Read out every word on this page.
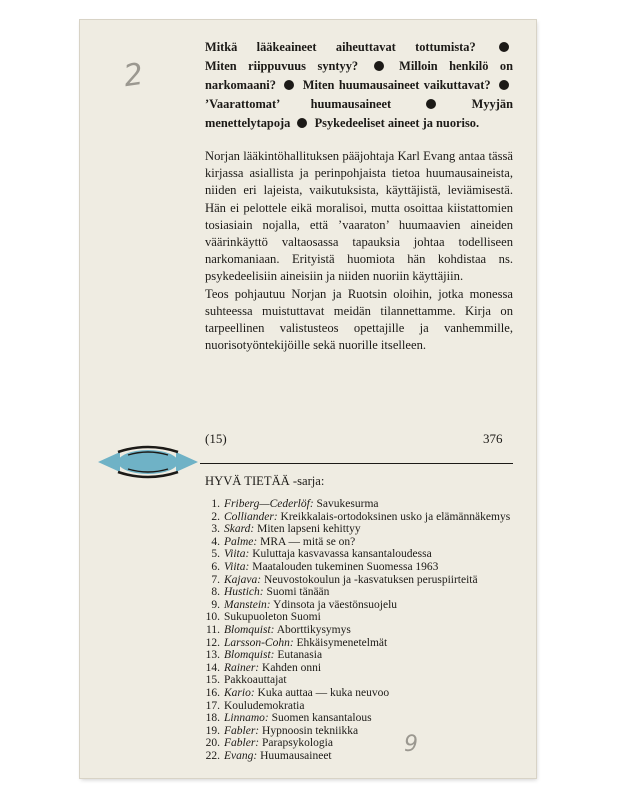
2
9
Mitkä lääkeaineet aiheuttavat tottumista?  Miten riippuvuus syntyy?	Milloin henkilö on narkomaani? Miten huumausaineet vaikuttavat?  ’Vaarattomat’ huumausaineet	Myyjän menettelytapoja Psykedeeliset aineet ja nuoriso.

Norjan lääkintöhallituksen pääjohtaja Karl Evang antaa tässä kirjassa asiallista ja perinpohjaista tietoa huumausaineista, niiden eri lajeista, vaikutuksista, käyttäjistä, leviämisestä. Hän ei pelottele eikä moralisoi, mutta osoittaa kiistattomien tosiasiain nojalla, että ’vaaraton’ huumaavien aineiden väärinkäyttö valtaosassa tapauksia johtaa todelliseen narkomaniaan. Erityistä huomiota hän kohdistaa ns. psykedeelisiin aineisiin ja niiden nuoriin käyttäjiin.

Teos pohjautuu Norjan ja Ruotsin oloihin, jotka monessa suhteessa muistuttavat meidän tilannettamme. Kirja on tarpeellinen valistusteos opettajille ja vanhemmille, nuorisotyöntekijöille sekä nuorille itselleen.

(15)	376
HYVÄ TIETÄÄ -sarja:
1. Friberg—Cederlöf: Savukesurma
2. Colliander: Kreikkalais-ortodoksinen usko ja elämännäkemys
3. Skard: Miten lapseni kehittyy
4. Palme: MRA — mitä se on?
5. Viita: Kuluttaja kasvavassa kansantaloudessa
6. Viita: Maatalouden tukeminen Suomessa 1963
7. Kajava: Neuvostokoulun ja -kasvatuksen peruspiirteitä
8. Hustich: Suomi tänään
9. Manstein: Ydinsota ja väestönsuojelu
10. Sukupuoleton Suomi
11. Blomquist: Aborttikysymys
12. Larsson-Cohn: Ehkäisymenetelmät
13. Blomquist: Eutanasia
14. Rainer: Kahden onni
15. Pakkoauttajat
16. Kario: Kuka auttaa — kuka neuvoo
17. Kouludemokratia
18. Linnamo: Suomen kansantalous
19. Fabler: Hypnoosin tekniikka
20. Fabler: Parapsykologia
22. Evang: Huumausaineet
